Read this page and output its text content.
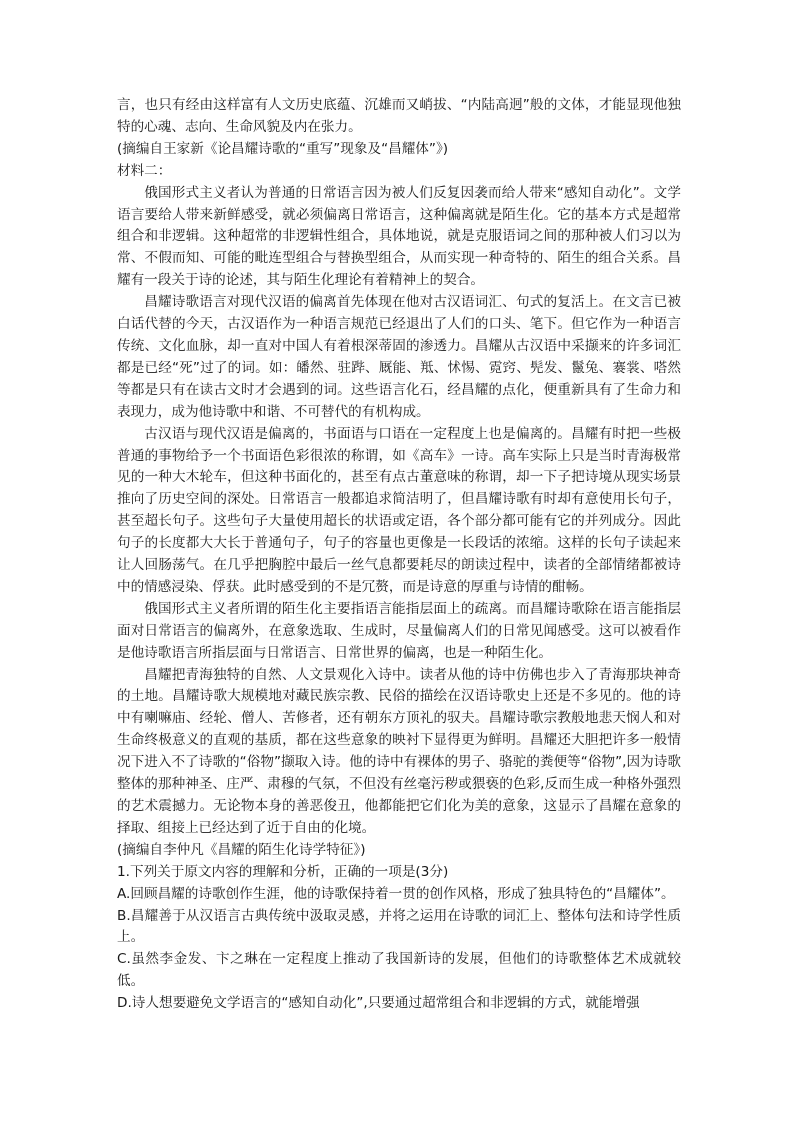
言，也只有经由这样富有人文历史底蕴、沉雄而又峭拔、“内陆高迥”般的文体，才能显现他独特的心魂、志向、生命风貌及内在张力。

(摘编自王家新《论昌耀诗歌的“重写”现象及“昌耀体”》)

材料二：

俄国形式主义者认为普通的日常语言因为被人们反复因袭而给人带来“感知自动化”。文学语言要给人带来新鲜感受，就必须偏离日常语言，这种偏离就是陌生化。它的基本方式是超常组合和非逻辑。这种超常的非逻辑性组合，具体地说，就是克服语词之间的那种被人们习以为常、不假而知、可能的毗连型组合与替换型组合，从而实现一种奇特的、陌生的组合关系。昌耀有一段关于诗的论述，其与陌生化理论有着精神上的契合。

昌耀诗歌语言对现代汉语的偏离首先体现在他对古汉语词汇、句式的复活上。在文言已被白话代替的今天，古汉语作为一种语言规范已经退出了人们的口头、笔下。但它作为一种语言传统、文化血脉，却一直对中国人有着根深蒂固的渗透力。昌耀从古汉语中采撷来的许多词汇都是已经“死”过了的词。如：皤然、驻跸、厩能、羝、怵惕、霓窍、髡发、鬣兔、褰裳、嗒然等都是只有在读古文时才会遇到的词。这些语言化石，经昌耀的点化，便重新具有了生命力和表现力，成为他诗歌中和谐、不可替代的有机构成。

古汉语与现代汉语是偏离的，书面语与口语在一定程度上也是偏离的。昌耀有时把一些极普通的事物给予一个书面语色彩很浓的称谓，如《高车》一诗。高车实际上只是当时青海极常见的一种大木轮车，但这种书面化的，甚至有点古董意味的称谓，却一下子把诗境从现实场景推向了历史空间的深处。日常语言一般都追求简洁明了，但昌耀诗歌有时却有意使用长句子，甚至超长句子。这些句子大量使用超长的状语或定语，各个部分都可能有它的并列成分。因此句子的长度都大大长于普通句子，句子的容量也更像是一长段话的浓缩。这样的长句子读起来让人回肠荡气。在几乎把胸腔中最后一丝气息都要耗尽的朗读过程中，读者的全部情绪都被诗中的情感浸染、俘获。此时感受到的不是冗赘，而是诗意的厚重与诗情的酣畅。

俄国形式主义者所谓的陌生化主要指语言能指层面上的疏离。而昌耀诗歌除在语言能指层面对日常语言的偏离外，在意象选取、生成时，尽量偏离人们的日常见闻感受。这可以被看作是他诗歌语言所指层面与日常语言、日常世界的偏离，也是一种陌生化。

昌耀把青海独特的自然、人文景观化入诗中。读者从他的诗中仿佛也步入了青海那块神奇的土地。昌耀诗歌大规模地对藏民族宗教、民俗的描绘在汉语诗歌史上还是不多见的。他的诗中有喇嘛庙、经轮、僧人、苦修者，还有朝东方顶礼的驭夫。昌耀诗歌宗教般地悲天悯人和对生命终极意义的直观的基质，都在这些意象的映衬下显得更为鲜明。昌耀还大胆把许多一般情况下进入不了诗歌的“俗物”撷取入诗。他的诗中有裸体的男子、骆驼的粪便等“俗物”,因为诗歌整体的那种神圣、庄严、肃穆的气氛，不但没有丝毫污秽或猥亵的色彩,反而生成一种格外强烈的艺术震撼力。无论物本身的善恶俊丑，他都能把它们化为美的意象，这显示了昌耀在意象的择取、组接上已经达到了近于自由的化境。

(摘编自李仲凡《昌耀的陌生化诗学特征》)

1.下列关于原文内容的理解和分析，正确的一项是(3分)

A.回顾昌耀的诗歌创作生涯，他的诗歌保持着一贯的创作风格，形成了独具特色的“昌耀体”。

B.昌耀善于从汉语言古典传统中汲取灵感，并将之运用在诗歌的词汇上、整体句法和诗学性质上。

C.虽然李金发、卞之琳在一定程度上推动了我国新诗的发展，但他们的诗歌整体艺术成就较低。

D.诗人想要避免文学语言的“感知自动化”,只要通过超常组合和非逻辑的方式，就能增强
